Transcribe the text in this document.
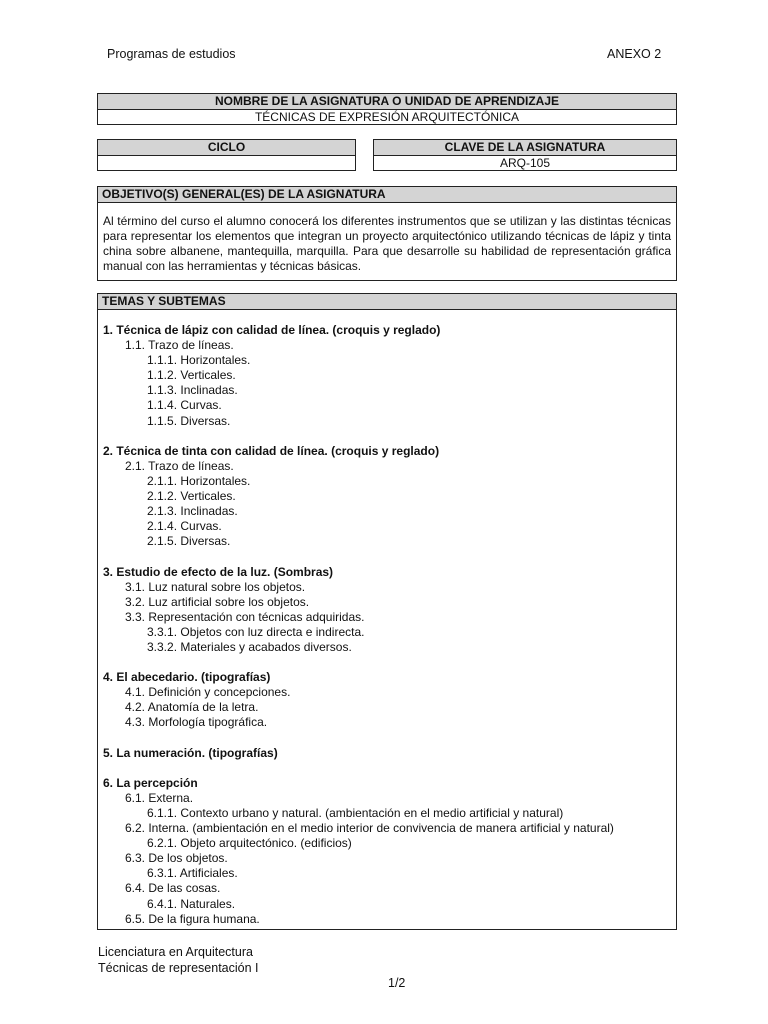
Programas de estudios	ANEXO 2
NOMBRE DE LA ASIGNATURA O UNIDAD DE APRENDIZAJE
TÉCNICAS DE EXPRESIÓN ARQUITECTÓNICA
CICLO	CLAVE DE LA ASIGNATURA
ARQ-105
OBJETIVO(S) GENERAL(ES) DE LA ASIGNATURA
Al término del curso el alumno conocerá los diferentes instrumentos que se utilizan y las distintas técnicas para representar los elementos que integran un proyecto arquitectónico utilizando técnicas de lápiz y tinta china sobre albanene, mantequilla, marquilla. Para que desarrolle su habilidad de representación gráfica manual con las herramientas y técnicas básicas.
TEMAS Y SUBTEMAS
1. Técnica de lápiz con calidad de línea. (croquis y reglado)
1.1. Trazo de líneas.
1.1.1. Horizontales.
1.1.2. Verticales.
1.1.3. Inclinadas.
1.1.4. Curvas.
1.1.5. Diversas.
2. Técnica de tinta con calidad de línea. (croquis y reglado)
2.1. Trazo de líneas.
2.1.1. Horizontales.
2.1.2. Verticales.
2.1.3. Inclinadas.
2.1.4. Curvas.
2.1.5. Diversas.
3. Estudio de efecto de la luz. (Sombras)
3.1. Luz natural sobre los objetos.
3.2. Luz artificial sobre los objetos.
3.3. Representación con técnicas adquiridas.
3.3.1. Objetos con luz directa e indirecta.
3.3.2. Materiales y acabados diversos.
4. El abecedario. (tipografías)
4.1. Definición y concepciones.
4.2. Anatomía de la letra.
4.3. Morfología tipográfica.
5. La numeración. (tipografías)
6. La percepción
6.1. Externa.
6.1.1. Contexto urbano y natural. (ambientación en el medio artificial y natural)
6.2. Interna. (ambientación en el medio interior de convivencia de manera artificial y natural)
6.2.1. Objeto arquitectónico. (edificios)
6.3. De los objetos.
6.3.1. Artificiales.
6.4. De las cosas.
6.4.1. Naturales.
6.5. De la figura humana.
Licenciatura en Arquitectura
Técnicas de representación I
1/2
